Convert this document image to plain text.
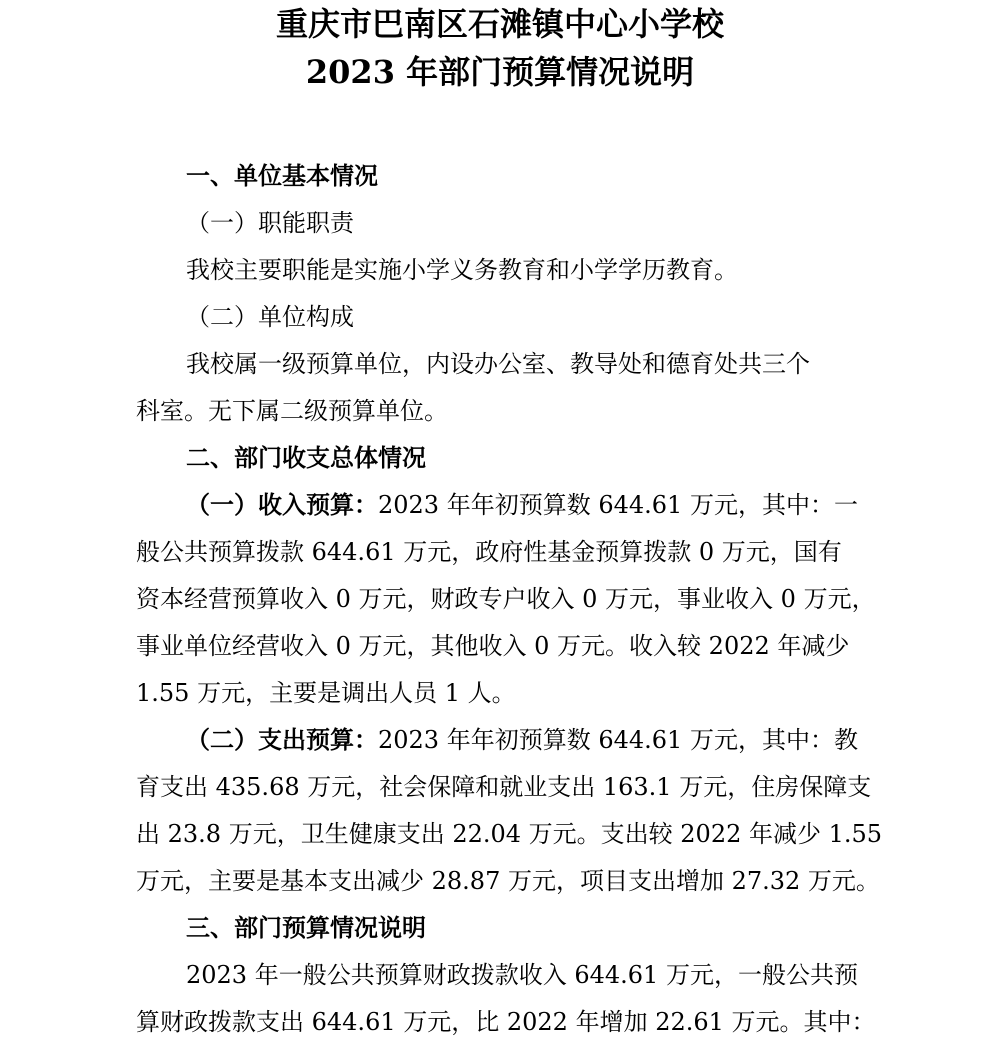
重庆市巴南区石滩镇中心小学校
2023 年部门预算情况说明
一、单位基本情况
（一）职能职责
我校主要职能是实施小学义务教育和小学学历教育。
（二）单位构成
我校属一级预算单位，内设办公室、教导处和德育处共三个
科室。无下属二级预算单位。
二、部门收支总体情况
（一）收入预算：2023 年年初预算数 644.61 万元，其中：一
般公共预算拨款 644.61 万元，政府性基金预算拨款 0 万元，国有
资本经营预算收入 0 万元，财政专户收入 0 万元，事业收入 0 万元，
事业单位经营收入 0 万元，其他收入 0 万元。收入较 2022 年减少
1.55 万元，主要是调出人员 1 人。
（二）支出预算：2023 年年初预算数 644.61 万元，其中：教
育支出 435.68 万元，社会保障和就业支出 163.1 万元，住房保障支
出 23.8 万元，卫生健康支出 22.04 万元。支出较 2022 年减少 1.55
万元，主要是基本支出减少 28.87 万元，项目支出增加 27.32 万元。
三、部门预算情况说明
2023 年一般公共预算财政拨款收入 644.61 万元，一般公共预
算财政拨款支出 644.61 万元，比 2022 年增加 22.61 万元。其中：
